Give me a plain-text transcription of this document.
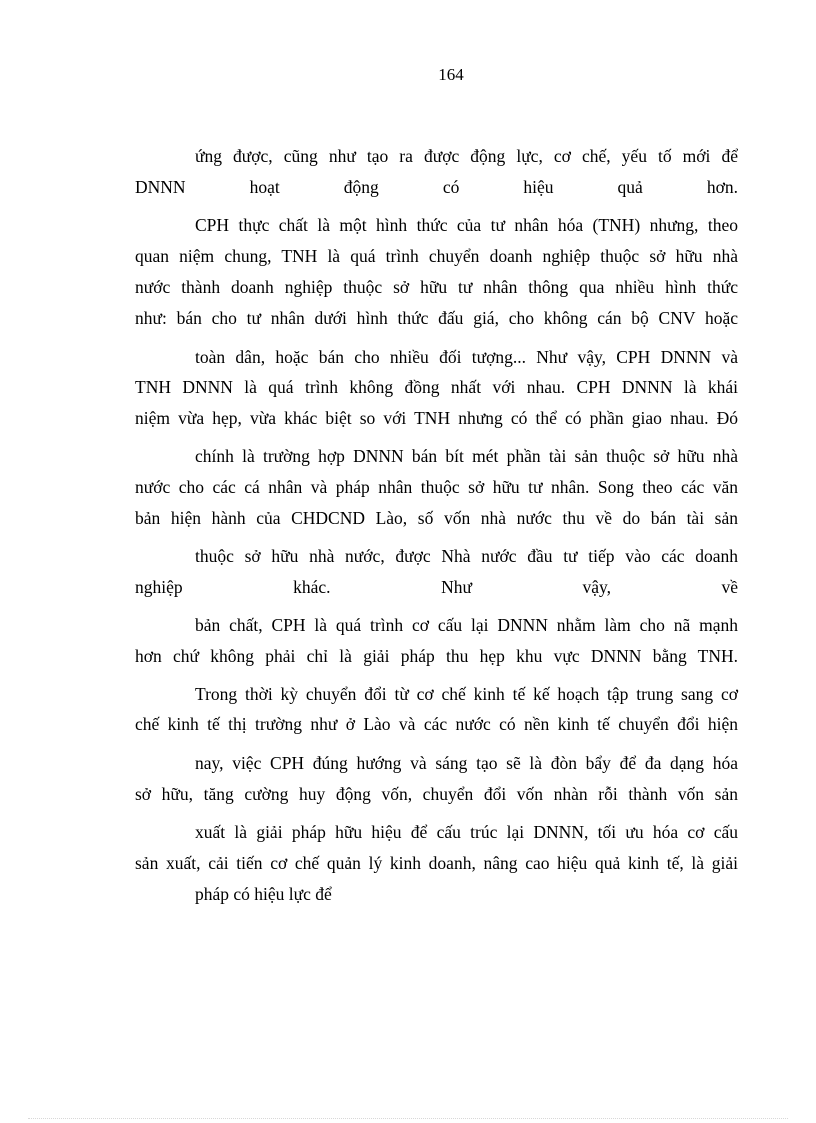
164
ứng được, cũng như tạo ra được động lực, cơ chế, yếu tố mới để
DNNN hoạt động có hiệu quả hơn.
CPH thực chất là một hình thức của tư nhân hóa (TNH) nhưng, theo
quan niệm chung, TNH là quá trình chuyển doanh nghiệp thuộc sở hữu nhà
nước thành doanh nghiệp thuộc sở hữu tư nhân thông qua nhiều hình thức
như: bán cho tư nhân dưới hình thức đấu giá, cho không cán bộ CNV hoặc
toàn dân, hoặc bán cho nhiều đối tượng... Như vậy, CPH DNNN và
TNH DNNN là quá trình không đồng nhất với nhau. CPH DNNN là khái
niệm vừa hẹp, vừa khác biệt so với TNH nhưng có thể có phần giao nhau. Đó
chính là trường hợp DNNN bán bít mét phần tài sản thuộc sở hữu nhà
nước cho các cá nhân và pháp nhân thuộc sở hữu tư nhân. Song theo các văn
bản hiện hành của CHDCND Lào, số vốn nhà nước thu về do bán tài sản
thuộc sở hữu nhà nước, được Nhà nước đầu tư tiếp vào các doanh
nghiệp khác. Như vậy, về
bản chất, CPH là quá trình cơ cấu lại DNNN nhằm làm cho nã mạnh
hơn chứ không phải chỉ là giải pháp thu hẹp khu vực DNNN bằng TNH.
Trong thời kỳ chuyển đổi từ cơ chế kinh tế kế hoạch tập trung sang cơ
chế kinh tế thị trường như ở Lào và các nước có nền kinh tế chuyển đổi hiện
nay, việc CPH đúng hướng và sáng tạo sẽ là đòn bẩy để đa dạng hóa
sở hữu, tăng cường huy động vốn, chuyển đổi vốn nhàn rỗi thành vốn sản
xuất là giải pháp hữu hiệu để cấu trúc lại DNNN, tối ưu hóa cơ cấu
sản xuất, cải tiến cơ chế quản lý kinh doanh, nâng cao hiệu quả kinh tế, là giải
pháp có hiệu lực để
